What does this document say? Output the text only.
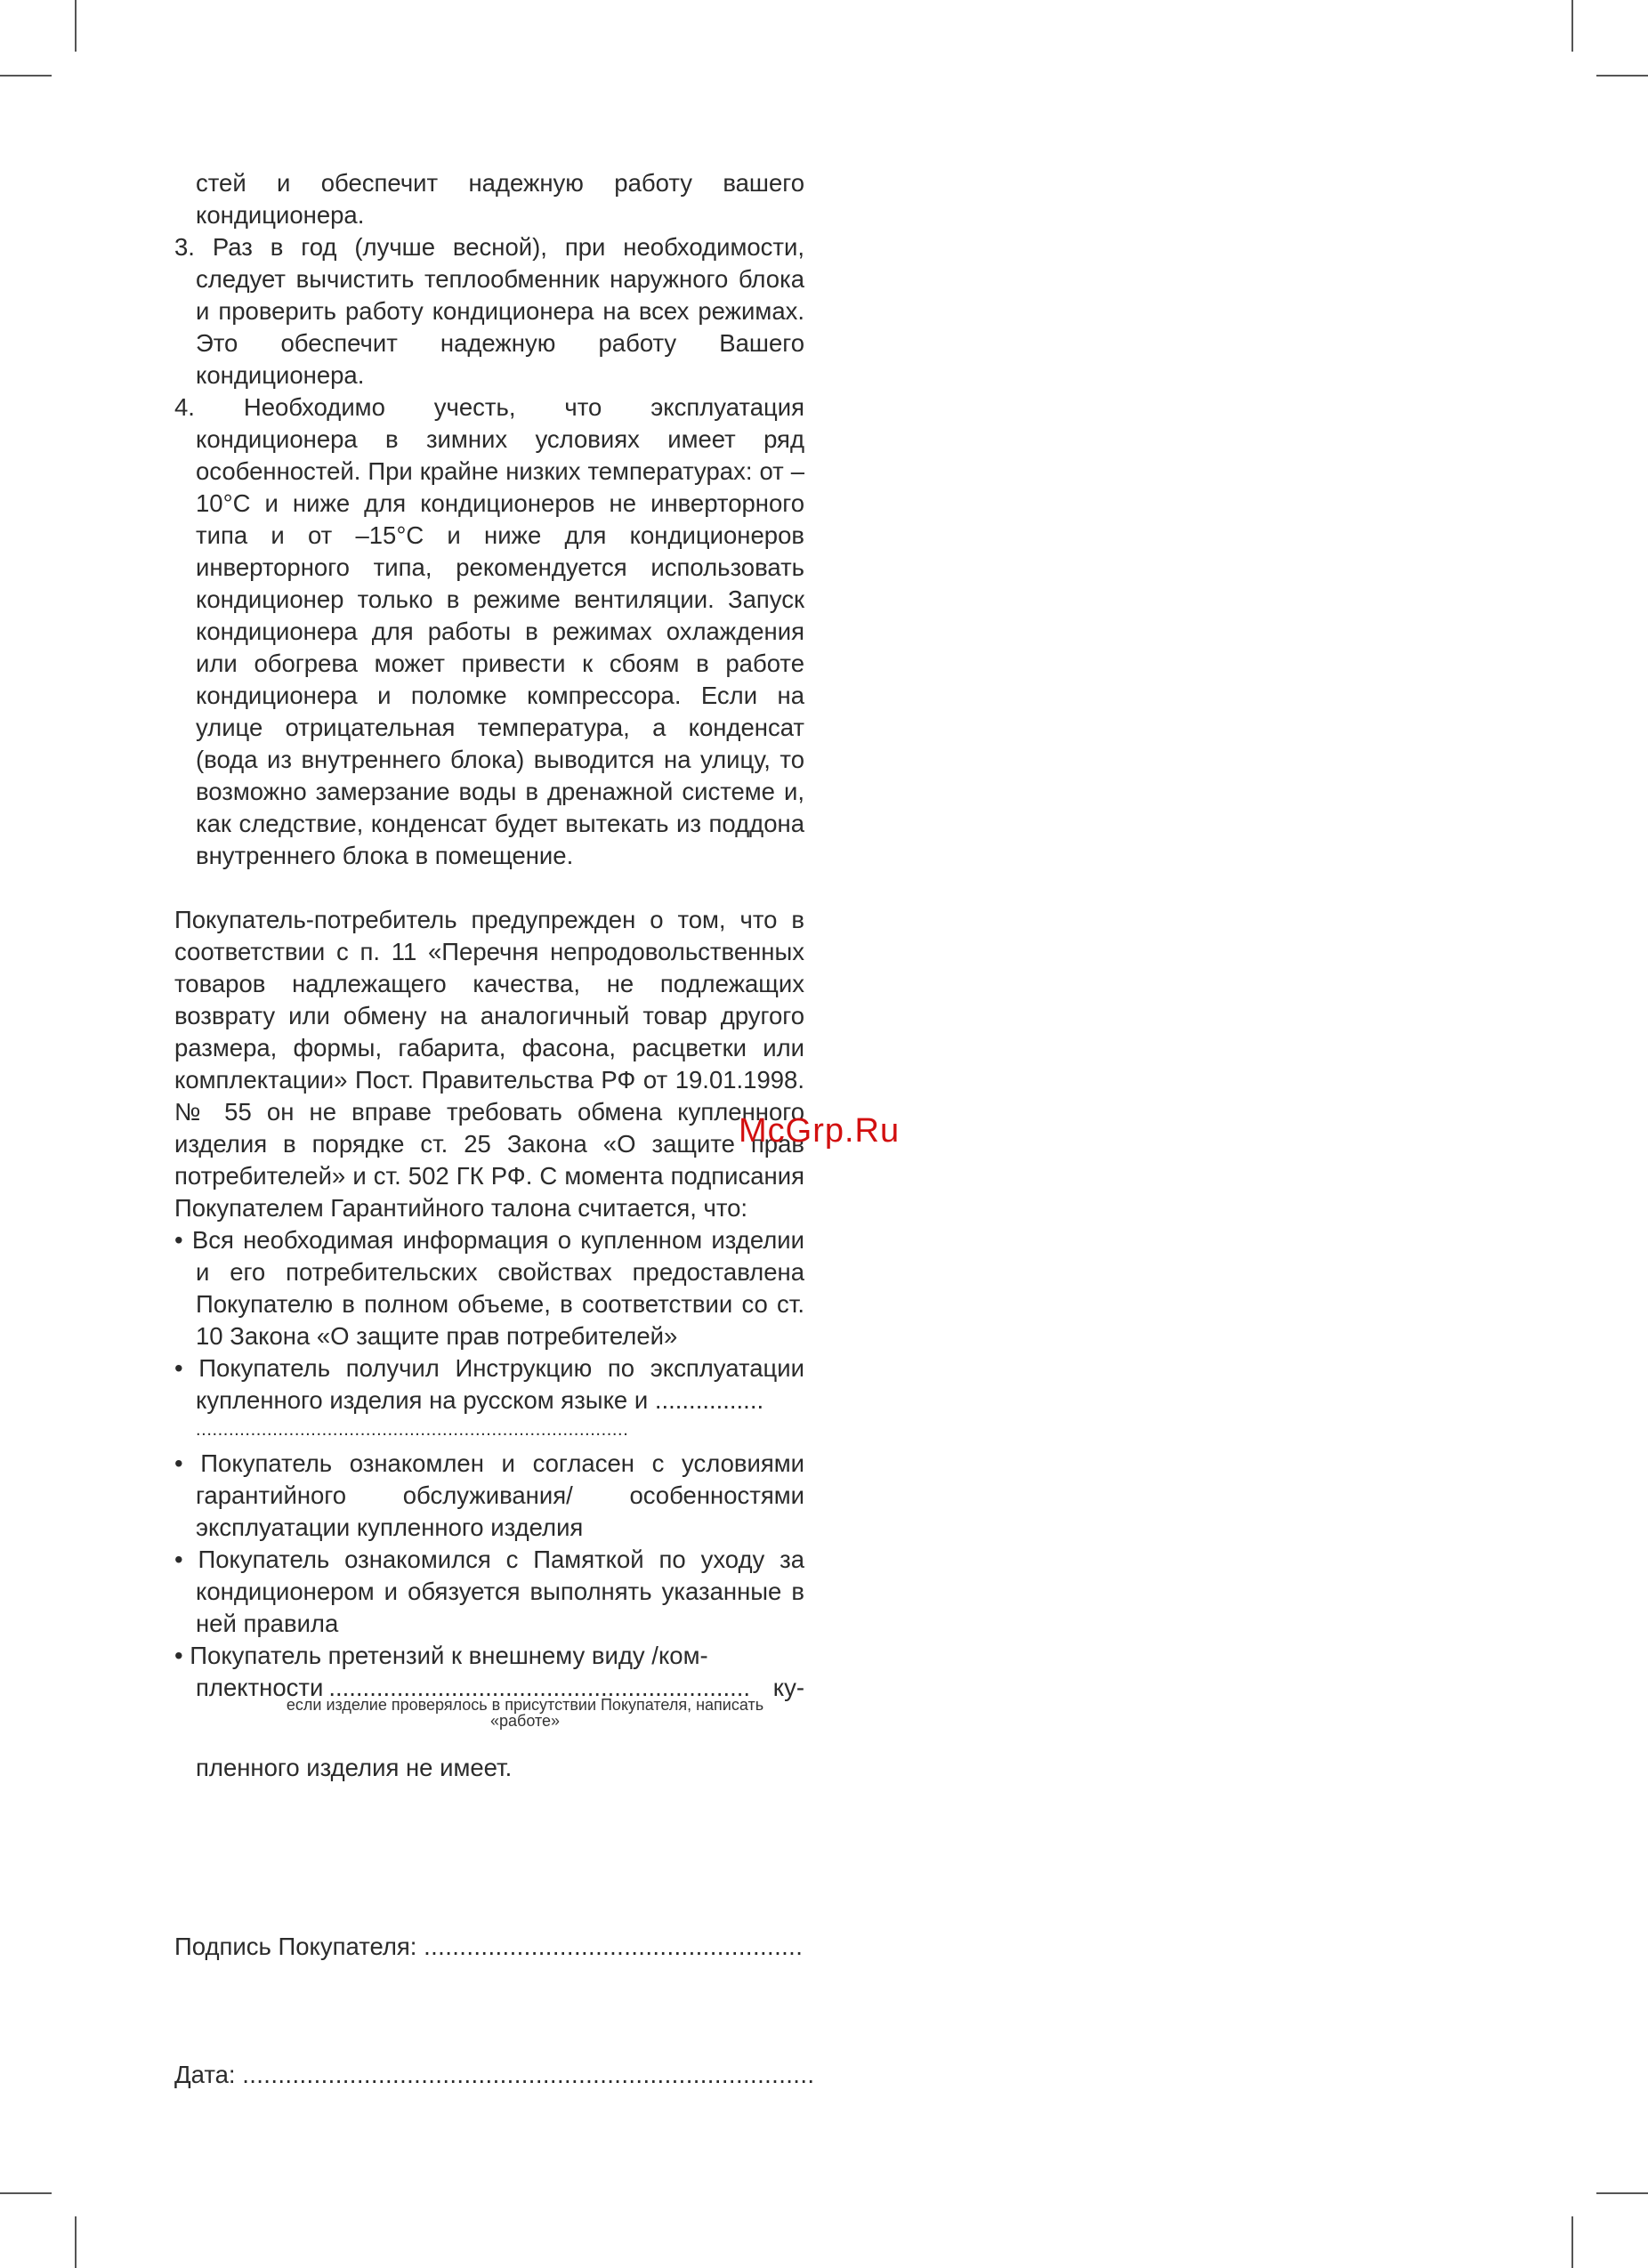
стей и обеспечит надежную работу вашего кондиционера.

3. Раз в год (лучше весной), при необходимости, следует вычистить теплообменник наружного блока и проверить работу кондиционера на всех режимах. Это обеспечит надежную работу Вашего кондиционера.

4. Необходимо учесть, что эксплуатация кондиционера в зимних условиях имеет ряд особенностей. При крайне низких температурах: от –10°С и ниже для кондиционеров не инверторного типа и от –15°С и ниже для кондиционеров инверторного типа, рекомендуется использовать кондиционер только в режиме вентиляции. Запуск кондиционера для работы в режимах охлаждения или обогрева может привести к сбоям в работе кондиционера и поломке компрессора. Если на улице отрицательная температура, а конденсат (вода из внутреннего блока) выводится на улицу, то возможно замерзание воды в дренажной системе и, как следствие, конденсат будет вытекать из поддона внутреннего блока в помещение.

Покупатель-потребитель предупрежден о том, что в соответствии с п. 11 «Перечня непродовольственных товаров надлежащего качества, не подлежащих возврату или обмену на аналогичный товар другого размера, формы, габарита, фасона, расцветки или комплектации» Пост. Правительства РФ от 19.01.1998. № 55 он не вправе требовать обмена купленного изделия в порядке ст. 25 Закона «О защите прав потребителей» и ст. 502 ГК РФ. С момента подписания Покупателем Гарантийного талона считается, что:

• Вся необходимая информация о купленном изделии и его потребительских свойствах предоставлена Покупателю в полном объеме, в соответствии со ст. 10 Закона «О защите прав потребителей»

• Покупатель получил Инструкцию по эксплуатации купленного изделия на русском языке и ................

...............................................................................

• Покупатель ознакомлен и согласен с условиями гарантийного обслуживания/ особенностями эксплуатации купленного изделия

• Покупатель ознакомился с Памяткой по уходу за кондиционером и обязуется выполнять указанные в ней правила

• Покупатель претензий к внешнему виду /ком-

плектности .............................................................. ку-
если изделие проверялось в присутствии Покупателя, написать «работе»

пленного изделия не имеет.

Подпись Покупателя: .....................................................
Дата: ................................................................................
McGrp.Ru
